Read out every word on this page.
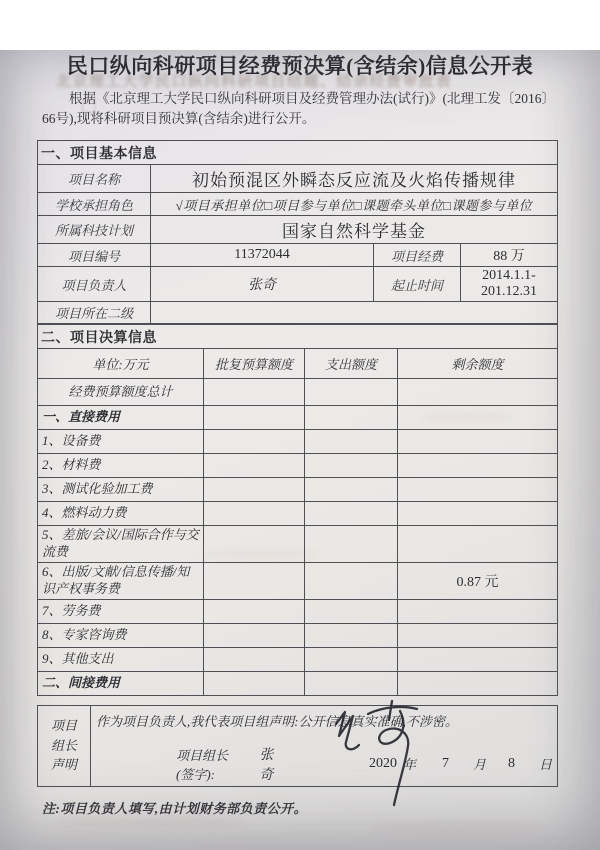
北京理工大学民口纵向科研项目结题、结余经费审批表
民口纵向科研项目经费预决算(含结余)信息公开表

根据《北京理工大学民口纵向科研项目及经费管理办法(试行)》(北理工发〔2016〕66号),现将科研项目预决算(含结余)进行公开。

一、项目基本信息			
项目名称	初始预混区外瞬态反应流及火焰传播规律		
学校承担角色	√项目承担单位□项目参与单位□课题牵头单位□课题参与单位		
所属科技计划	国家自然科学基金		
项目编号	11372044	项目经费	88 万
项目负责人	张奇	起止时间	2014.1.1-201.12.31
项目所在二级			
二、项目决算信息			
单位:万元	批复预算额度	支出额度	剩余额度
经费预算额度总计			
一、直接费用			
1、设备费			
2、材料费			
3、测试化验加工费			
4、燃料动力费			
5、差旅/会议/国际合作与交流费			
6、出版/文献/信息传播/知识产权事务费			0.87 元
7、劳务费			
8、专家咨询费			
9、其他支出			
二、间接费用			
项目
组长
声明	
作为项目负责人,我代表项目组声明:公开信息真实准确,不涉密。
项目组长(签字):
张奇
2020 年 7 月 8 日

注:项目负责人填写,由计划财务部负责公开。
